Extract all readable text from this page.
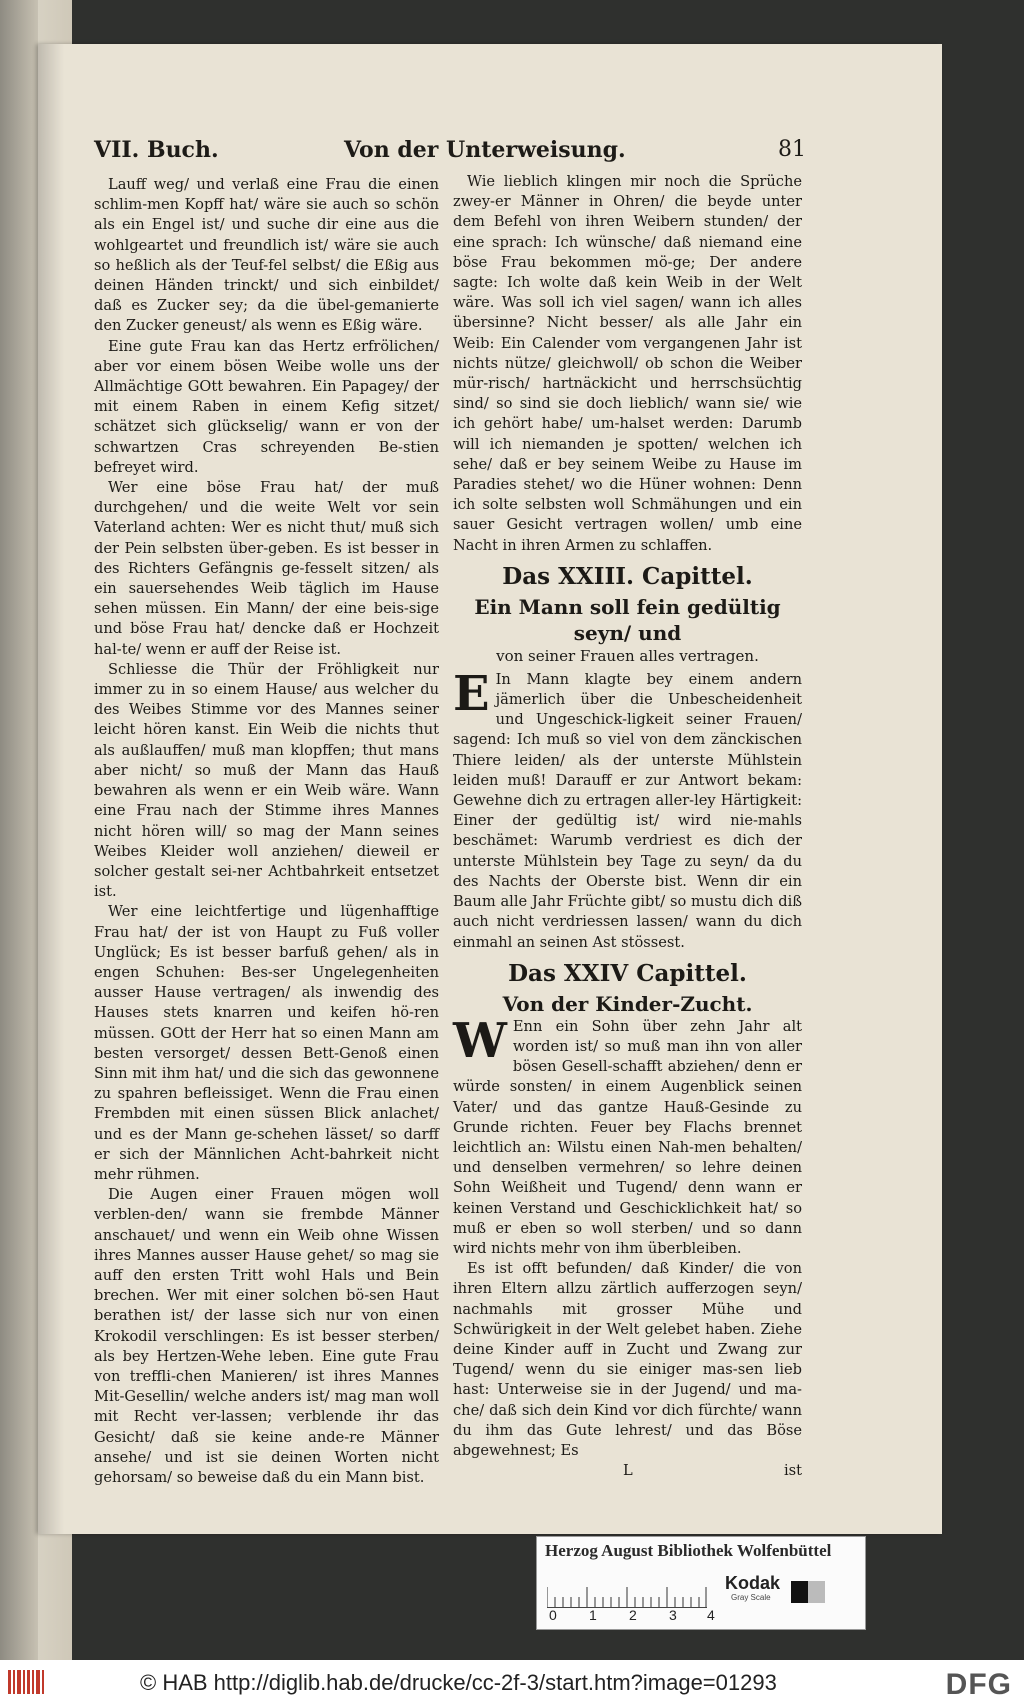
VII. Buch.	Von der Unterweisung.	81

Lauff weg/ und verlaß eine Frau die einen schlim-men Kopff hat/ wäre sie auch so schön als ein Engel ist/ und suche dir eine aus die wohlgeartet und freundlich ist/ wäre sie auch so heßlich als der Teuf-fel selbst/ die Eßig aus deinen Händen trinckt/ und sich einbildet/ daß es Zucker sey; da die übel-gemanierte den Zucker geneust/ als wenn es Eßig wäre.

Eine gute Frau kan das Hertz erfrölichen/ aber vor einem bösen Weibe wolle uns der Allmächtige GOtt bewahren. Ein Papagey/ der mit einem Raben in einem Kefig sitzet/ schätzet sich glückselig/ wann er von der schwartzen Cras schreyenden Be-stien befreyet wird.

Wer eine böse Frau hat/ der muß durchgehen/ und die weite Welt vor sein Vaterland achten: Wer es nicht thut/ muß sich der Pein selbsten über-geben. Es ist besser in des Richters Gefängnis ge-fesselt sitzen/ als ein sauersehendes Weib täglich im Hause sehen müssen. Ein Mann/ der eine beis-sige und böse Frau hat/ dencke daß er Hochzeit hal-te/ wenn er auff der Reise ist.

Schliesse die Thür der Fröhligkeit nur immer zu in so einem Hause/ aus welcher du des Weibes Stimme vor des Mannes seiner leicht hören kanst. Ein Weib die nichts thut als außlauffen/ muß man klopffen; thut mans aber nicht/ so muß der Mann das Hauß bewahren als wenn er ein Weib wäre. Wann eine Frau nach der Stimme ihres Mannes nicht hören will/ so mag der Mann seines Weibes Kleider woll anziehen/ dieweil er solcher gestalt sei-ner Achtbahrkeit entsetzet ist.

Wer eine leichtfertige und lügenhafftige Frau hat/ der ist von Haupt zu Fuß voller Unglück; Es ist besser barfuß gehen/ als in engen Schuhen: Bes-ser Ungelegenheiten ausser Hause vertragen/ als inwendig des Hauses stets knarren und keifen hö-ren müssen. GOtt der Herr hat so einen Mann am besten versorget/ dessen Bett-Genoß einen Sinn mit ihm hat/ und die sich das gewonnene zu spahren befleissiget. Wenn die Frau einen Frembden mit einen süssen Blick anlachet/ und es der Mann ge-schehen lässet/ so darff er sich der Männlichen Acht-bahrkeit nicht mehr rühmen.

Die Augen einer Frauen mögen woll verblen-den/ wann sie frembde Männer anschauet/ und wenn ein Weib ohne Wissen ihres Mannes ausser Hause gehet/ so mag sie auff den ersten Tritt wohl Hals und Bein brechen. Wer mit einer solchen bö-sen Haut berathen ist/ der lasse sich nur von einen Krokodil verschlingen: Es ist besser sterben/ als bey Hertzen-Wehe leben. Eine gute Frau von treffli-chen Manieren/ ist ihres Mannes Mit-Gesellin/ welche anders ist/ mag man woll mit Recht ver-lassen; verblende ihr das Gesicht/ daß sie keine ande-re Männer ansehe/ und ist sie deinen Worten nicht gehorsam/ so beweise daß du ein Mann bist.

Wie lieblich klingen mir noch die Sprüche zwey-er Männer in Ohren/ die beyde unter dem Befehl von ihren Weibern stunden/ der eine sprach: Ich wünsche/ daß niemand eine böse Frau bekommen mö-ge; Der andere sagte: Ich wolte daß kein Weib in der Welt wäre. Was soll ich viel sagen/ wann ich alles übersinne? Nicht besser/ als alle Jahr ein Weib: Ein Calender vom vergangenen Jahr ist nichts nütze/ gleichwoll/ ob schon die Weiber mür-risch/ hartnäckicht und herrschsüchtig sind/ so sind sie doch lieblich/ wann sie/ wie ich gehört habe/ um-halset werden: Darumb will ich niemanden je spotten/ welchen ich sehe/ daß er bey seinem Weibe zu Hause im Paradies stehet/ wo die Hüner wohnen: Denn ich solte selbsten woll Schmähungen und ein sauer Gesicht vertragen wollen/ umb eine Nacht in ihren Armen zu schlaffen.

Das XXIII. Capittel.
Ein Mann soll fein gedültig seyn/ und
von seiner Frauen alles vertragen.

E In Mann klagte bey einem andern jämerlich über die Unbescheidenheit und Ungeschick-ligkeit seiner Frauen/ sagend: Ich muß so viel von dem zänckischen Thiere leiden/ als der unterste Mühlstein leiden muß! Darauff er zur Antwort bekam: Gewehne dich zu ertragen aller-ley Härtigkeit: Einer der gedültig ist/ wird nie-mahls beschämet: Warumb verdriest es dich der unterste Mühlstein bey Tage zu seyn/ da du des Nachts der Oberste bist. Wenn dir ein Baum alle Jahr Früchte gibt/ so mustu dich diß auch nicht verdriessen lassen/ wann du dich einmahl an seinen Ast stössest.

Das XXIV Capittel.
Von der Kinder-Zucht.

W Enn ein Sohn über zehn Jahr alt worden ist/ so muß man ihn von aller bösen Gesell-schafft abziehen/ denn er würde sonsten/ in einem Augenblick seinen Vater/ und das gantze Hauß-Gesinde zu Grunde richten. Feuer bey Flachs brennet leichtlich an: Wilstu einen Nah-men behalten/ und denselben vermehren/ so lehre deinen Sohn Weißheit und Tugend/ denn wann er keinen Verstand und Geschicklichkeit hat/ so muß er eben so woll sterben/ und so dann wird nichts mehr von ihm überbleiben.

Es ist offt befunden/ daß Kinder/ die von ihren Eltern allzu zärtlich aufferzogen seyn/ nachmahls mit grosser Mühe und Schwürigkeit in der Welt gelebet haben. Ziehe deine Kinder auff in Zucht und Zwang zur Tugend/ wenn du sie einiger mas-sen lieb hast: Unterweise sie in der Jugend/ und ma-che/ daß sich dein Kind vor dich fürchte/ wann du ihm das Gute lehrest/ und das Böse abgewehnest; Es

L	ist
Herzog August Bibliothek Wolfenbüttel
0 1 2 3 4
Kodak
Gray Scale
© HAB http://diglib.hab.de/drucke/cc-2f-3/start.htm?image=01293	DFG
